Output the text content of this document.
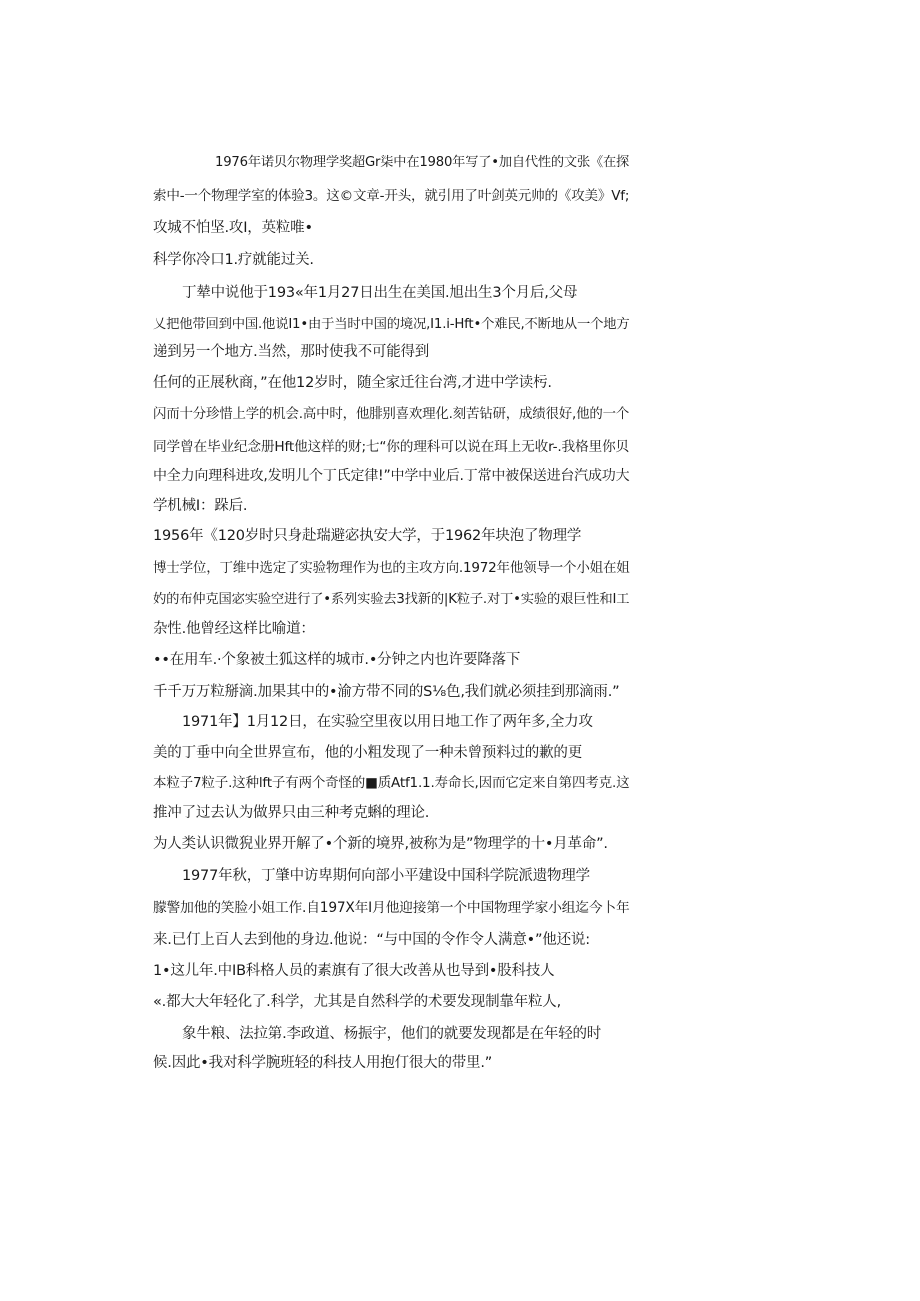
1976年诺贝尔物理学奖超Gr柒中在1980年写了•加自代性的文张《在探
索中-一个物理学室的体验3。这©文章-开头，就引用了叶剑英元帅的《攻美》Vf;
攻城不怕坚.攻I，英粒唯•
科学你冷口1.疗就能过关.
丁辇中说他于193«年1月27日出生在美国.旭出生3个月后,父母
乂把他带回到中国.他说I1•由于当时中国的境况,I1.i-Hft•个难民,不断地从一个地方
递到另一个地方.当然，那时使我不可能得到
任何的正展秋商，”在他12岁时，随全家迁往台湾,才进中学读杇.
闪而十分珍惜上学的机会.高中时，他腓别喜欢理化.刻苦钻研，成绩很好,他的一个
同学曾在毕业纪念册Hft他这样的财;七“你的理科可以说在珥上无收r-.我格里你贝
中全力向理科进攻,发明儿个丁氏定律!”中学中业后.丁常中被保送进台汽成功大
学机械I：跺后.
1956年《120岁时只身赴瑞避宓执安大学，于1962年块泡了物理学
博士学位，丁维中选定了实验物理作为也的主攻方向.1972年他领导一个小姐在姐
妁的布仲克国宓实验空进行了•系列实验去3找新的|K粒子.对丁•实验的艰巨性和I工
杂性.他曾经这样比喻道：
••在用车.·个象被土狐这样的城市.•分钟之内也许要降落下
千千万万粒掰滴.加果其中的•渝方带不同的S⅛色,我们就必须挂到那滴雨.”
1971年】1月12日，在实验空里夜以用日地工作了两年多,全力攻
美的丁垂中向全世界宣布，他的小粗发现了一种未曾预料过的歉的更
本粒子7粒子.这种lft子有两个奇怪的■质Atf1.1.寿命长,因而它定来自第四考克.这
推冲了过去认为做界只由三种考克蝌的理论.
为人类认识微猊业界开解了•个新的境界,被称为是”物理学的十•月革命”.
1977年秋，丁肇中访卑期何向部小平建设中国科学院派遗物理学
朦警加他的笑脸小姐工作.自197X年I月他迎接第一个中国物理学家小组迄今卜年
来.已仃上百人去到他的身边.他说：“与中国的令作令人满意•”他还说:
1•这儿年.中IB科格人员的素旗有了很大改善从也导到•股科技人
«.都大大年轻化了.科学，尤其是自然科学的术要发现制靠年粒人,
象牛粮、法拉第.李政道、杨振宇，他们的就要发现都是在年轻的时
候.因此•我对科学腕班轻的科技人用抱仃很大的带里.”
